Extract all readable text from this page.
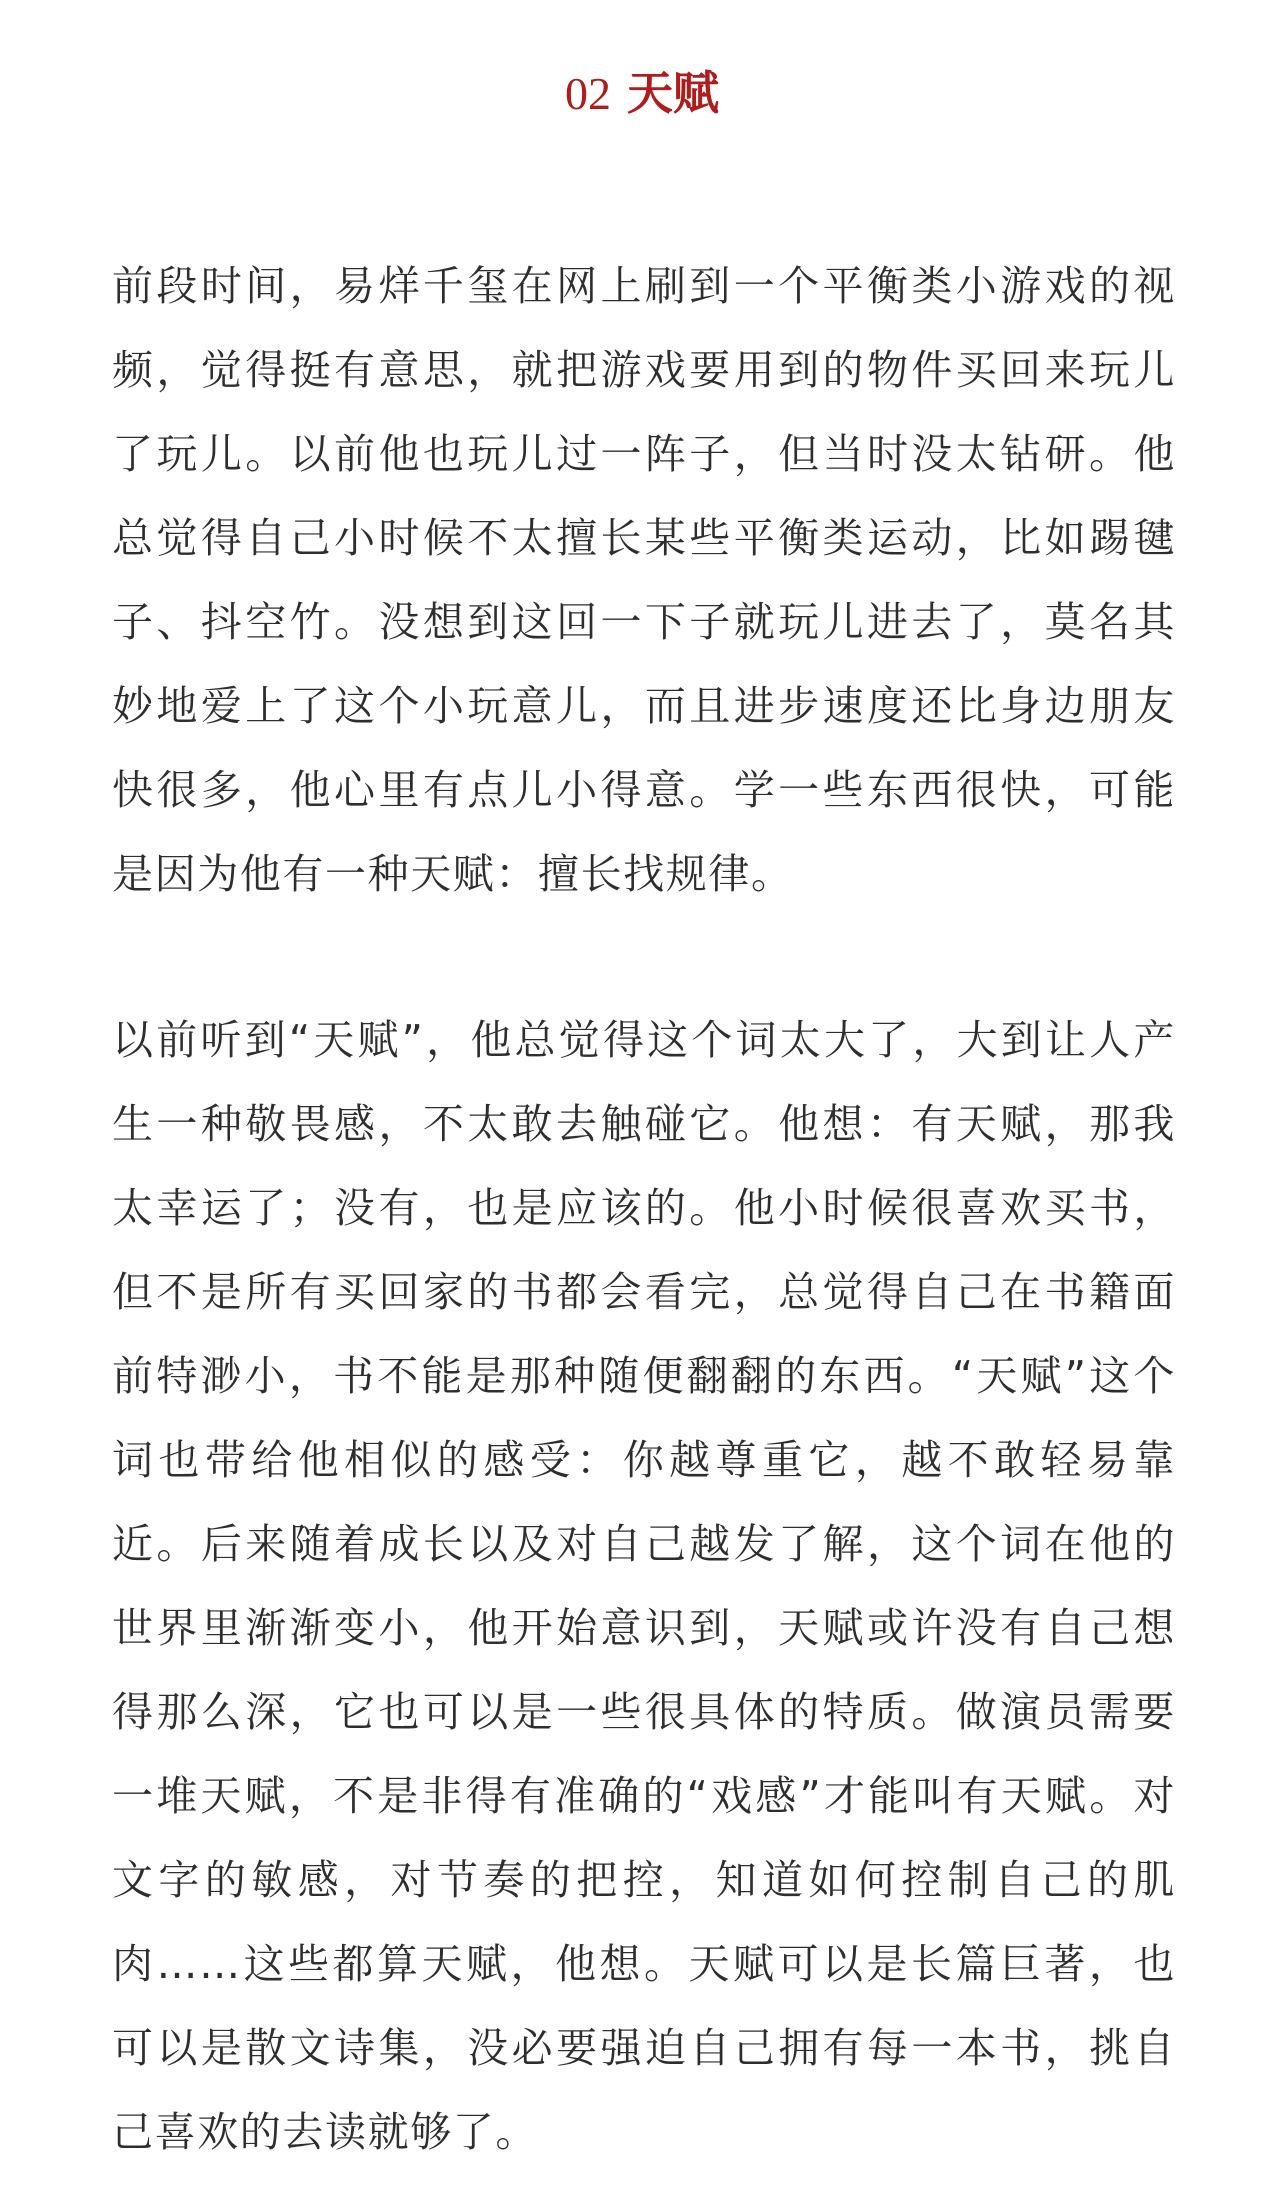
02 天赋

前段时间，易烊千玺在网上刷到一个平衡类小游戏的视频，觉得挺有意思，就把游戏要用到的物件买回来玩儿了玩儿。以前他也玩儿过一阵子，但当时没太钻研。他总觉得自己小时候不太擅长某些平衡类运动，比如踢毽子、抖空竹。没想到这回一下子就玩儿进去了，莫名其妙地爱上了这个小玩意儿，而且进步速度还比身边朋友快很多，他心里有点儿小得意。学一些东西很快，可能是因为他有一种天赋：擅长找规律。

以前听到“天赋”，他总觉得这个词太大了，大到让人产生一种敬畏感，不太敢去触碰它。他想：有天赋，那我太幸运了；没有，也是应该的。他小时候很喜欢买书，但不是所有买回家的书都会看完，总觉得自己在书籍面前特渺小，书不能是那种随便翻翻的东西。“天赋”这个词也带给他相似的感受：你越尊重它，越不敢轻易靠近。后来随着成长以及对自己越发了解，这个词在他的世界里渐渐变小，他开始意识到，天赋或许没有自己想得那么深，它也可以是一些很具体的特质。做演员需要一堆天赋，不是非得有准确的“戏感”才能叫有天赋。对文字的敏感，对节奏的把控，知道如何控制自己的肌肉……这些都算天赋，他想。天赋可以是长篇巨著，也可以是散文诗集，没必要强迫自己拥有每一本书，挑自己喜欢的去读就够了。
